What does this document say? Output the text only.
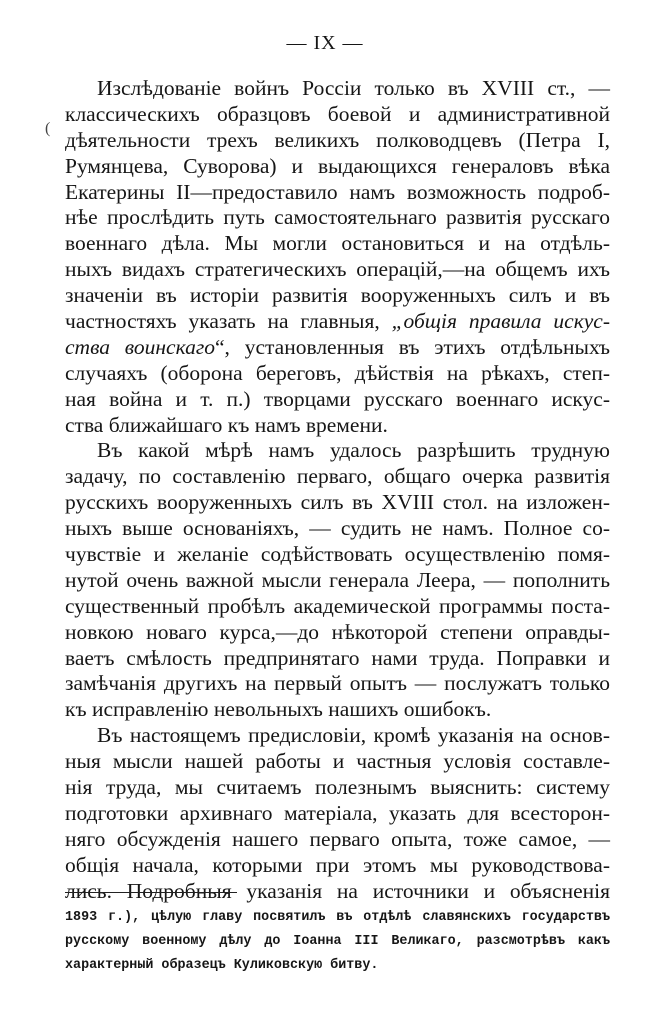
— IX —
(
Изслѣдованіе войнъ Россіи только въ XVIII ст., —
классическихъ образцовъ боевой и административной
дѣятельности трехъ великихъ полководцевъ (Петра I,
Румянцева, Суворова) и выдающихся генераловъ вѣка
Екатерины II—предоставило намъ возможность подроб-
нѣе прослѣдить путь самостоятельнаго развитія русскаго
военнаго дѣла. Мы могли остановиться и на отдѣль-
ныхъ видахъ стратегическихъ операцій,—на общемъ ихъ
значеніи въ исторіи развитія вооруженныхъ силъ и въ
частностяхъ указать на главныя, „общія правила искус-
ства воинскаго“, установленныя въ этихъ отдѣльныхъ
случаяхъ (оборона береговъ, дѣйствія на рѣкахъ, степ-
ная война и т. п.) творцами русскаго военнаго искус-
ства ближайшаго къ намъ времени.
Въ какой мѣрѣ намъ удалось разрѣшить трудную
задачу, по составленію перваго, общаго очерка развитія
русскихъ вооруженныхъ силъ въ XVIII стол. на изложен-
ныхъ выше основаніяхъ, — судить не намъ. Полное со-
чувствіе и желаніе содѣйствовать осуществленію помя-
нутой очень важной мысли генерала Леера, — пополнить
существенный пробѣлъ академической программы поста-
новкою новаго курса,—до нѣкоторой степени оправды-
ваетъ смѣлость предпринятаго нами труда. Поправки и
замѣчанія другихъ на первый опытъ — послужатъ только
къ исправленію невольныхъ нашихъ ошибокъ.
Въ настоящемъ предисловіи, кромѣ указанія на основ-
ныя мысли нашей работы и частныя условія составле-
нія труда, мы считаемъ полезнымъ выяснить: систему
подготовки архивнаго матеріала, указать для всесторон-
няго обсужденія нашего перваго опыта, тоже самое, —
общія начала, которыми при этомъ мы руководствова-
лись. Подробныя указанія на источники и объясненія
1893 г.), цѣлую главу посвятилъ въ отдѣлѣ славянскихъ государствъ
русскому военному дѣлу до Іоанна III Великаго, разсмотрѣвъ какъ
характерный образецъ Куликовскую битву.
